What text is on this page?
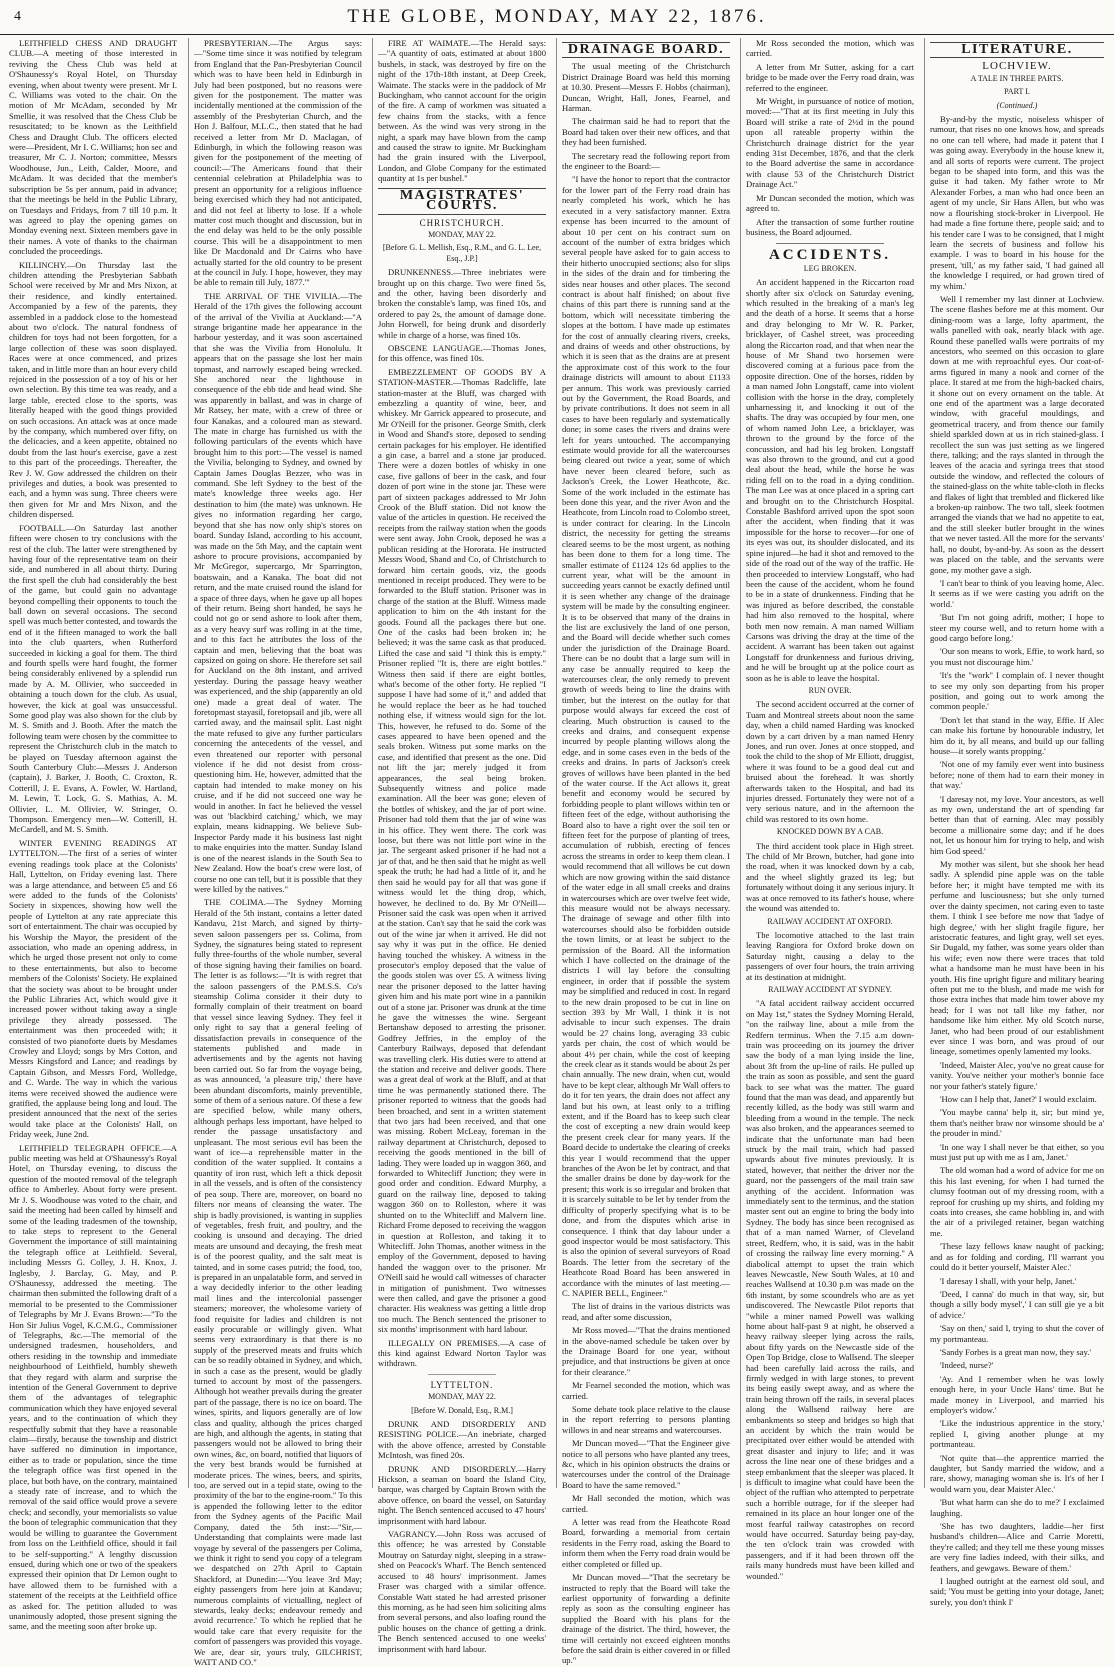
4	THE GLOBE, MONDAY, MAY 22, 1876.

LEITHFIELD CHESS AND DRAUGHT CLUB.—A meeting of those interested in reviving the Chess Club was held at O'Shaunessy's Royal Hotel, on Thursday evening, when about twenty were present. Mr I. C. Williams was voted to the chair. On the motion of Mr McAdam, seconded by Mr Smellie, it was resolved that the Chess Club be resuscitated; to be known as the Leithfield Chess and Draught Club. The officers elected were—President, Mr I. C. Williams; hon sec and treasurer, Mr C. J. Norton; committee, Messrs Woodhouse, Jun., Leith, Calder, Moore, and McAdam. It was decided that the member's subscription be 5s per annum, paid in advance; that the meetings be held in the Public Library, on Tuesdays and Fridays, from 7 till 10 p.m. It was agreed to play the opening games on Monday evening next. Sixteen members gave in their names. A vote of thanks to the chairman concluded the proceedings.

KILLINCHY.—On Thursday last the children attending the Presbyterian Sabbath School were received by Mr and Mrs Nixon, at their residence, and kindly entertained. Accompanied by a few of the parents, they assembled in a paddock close to the homestead about two o'clock. The natural fondness of children for toys had not been forgotten, for a large collection of these was soon displayed. Races were at once commenced, and prizes taken, and in little more than an hour every child rejoiced in the possession of a toy of his or her own selection. By this time tea was ready, and a large table, erected close to the sports, was literally heaped with the good things provided on such occasions. An attack was at once made by the company, which numbered over fifty, on the delicacies, and a keen appetite, obtained no doubt from the last hour's exercise, gave a zest to this part of the proceedings. Thereafter, the Rev J. W. Gow addressed the children on their privileges and duties, a book was presented to each, and a hymn was sung. Three cheers were then given for Mr and Mrs Nixon, and the children dispersed.

FOOTBALL.—On Saturday last another fifteen were chosen to try conclusions with the rest of the club. The latter were strengthened by having four of the representative team on their side, and numbered in all about thirty. During the first spell the club had considerably the best of the game, but could gain no advantage beyond compelling their opponents to touch the ball down on several occasions. The second spell was much better contested, and towards the end of it the fifteen managed to work the ball into the club quarters, when Rutherford succeeded in kicking a goal for them. The third and fourth spells were hard fought, the former being considerably enlivened by a splendid run made by A. M. Ollivier, who succeeded in obtaining a touch down for the club. As usual, however, the kick at goal was unsuccessful. Some good play was also shown for the club by M. S. Smith and J. Booth. After the match the following team were chosen by the committee to represent the Christchurch club in the match to be played on Tuesday afternoon against the South Canterbury Club:—Messrs J. Anderson (captain), J. Barker, J. Booth, C. Croxton, R. Cotterill, J. E. Evans, A. Fowler, W. Hartland, M. Lewin, T. Lock, G. S. Mathias, A. M. Ollivier, L. M. Ollivier, W. Stringer, O. Thompson. Emergency men—W. Cotterill, H. McCardell, and M. S. Smith.

WINTER EVENING READINGS AT LYTTELTON.—The first of a series of winter evening readings took place at the Colonists' Hall, Lyttelton, on Friday evening last. There was a large attendance, and between £5 and £6 were added to the funds of the Colonists' Society in sixpences, showing how well the people of Lyttelton at any rate appreciate this sort of entertainment. The chair was occupied by his Worship the Mayor, the president of the association, who made an opening address, in which he urged those present not only to come to these entertainments, but also to become members of the Colonists' Society. He explained that the society was about to be brought under the Public Libraries Act, which would give it increased power without taking away a single privilege they already possessed. The entertainment was then proceeded with; it consisted of two pianoforte duets by Mesdames Crowley and Lloyd; songs by Mrs Cotton, and Messrs Kingsford and Lance; and readings by Captain Gibson, and Messrs Ford, Wolledge, and C. Warde. The way in which the various items were received showed the audience were gratified, the applause being long and loud. The president announced that the next of the series would take place at the Colonists' Hall, on Friday week, June 2nd.

LEITHFIELD TELEGRAPH OFFICE.—A public meeting was held at O'Shaunessy's Royal Hotel, on Thursday evening, to discuss the question of the mooted removal of the telegraph office to Amberley. About forty were present. Mr J. S. Woodhouse was voted to the chair, and said the meeting had been called by himself and some of the leading tradesmen of the township, to take steps to represent to the General Government the importance of still maintaining the telegraph office at Leithfield. Several, including Messrs G. Colley, J. H. Knox, J. Inglesby, J. Barclay, G. May, and P. O'Shaunessy, addressed the meeting. The chairman then submitted the following draft of a memorial to be presented to the Commissioner of Telegraphs by Mr J. Evans Brown:—"To the Hon Sir Julius Vogel, K.C.M.G., Commissioner of Telegraphs, &c.—The memorial of the undersigned tradesmen, householders, and others residing in the township and immediate neighbourhood of Leithfield, humbly sheweth that they regard with alarm and surprise the intention of the General Government to deprive them of the advantages of telegraphic communication which they have enjoyed several years, and to the continuation of which they respectfully submit that they have a reasonable claim—firstly, because the township and district have suffered no diminution in importance, either as to trade or population, since the time the telegraph office was first opened in the place, but both have, on the contrary, maintained a steady rate of increase, and to which the removal of the said office would prove a severe check; and secondly, your memorialists so value the boon of telegraphic communication that they would be willing to guarantee the Government from loss on the Leithfield office, should it fail to be self-supporting." A lengthy discussion ensued, during which one or two of the speakers expressed their opinion that Dr Lemon ought to have allowed them to be furnished with a statement of the receipts at the Leithfield office as asked for. The petition alluded to was unanimously adopted, those present signing the same, and the meeting soon after broke up.

PRESBYTERIAN.—The Argus says:—"Some time since it was notified by telegram from England that the Pan-Presbyterian Council which was to have been held in Edinburgh in July had been postponed, but no reasons were given for the postponement. The matter was incidentally mentioned at the commission of the assembly of the Presbyterian Church, and the Hon J. Balfour, M.L.C., then stated that he had received a letter from Mr D. Maclagan, of Edinburgh, in which the following reason was given for the postponement of the meeting of council:—'The Americans found that their centennial celebration at Philadelphia was to present an opportunity for a religious influence being exercised which they had not anticipated, and did not feel at liberty to lose. If a whole matter cost much thought and discussion, but in the end delay was held to be the only possible course. This will be a disappointment to men like Dr Macdonald and Dr Cairns who have actually started for the old country to be present at the council in July. I hope, however, they may be able to remain till July, 1877.'"

THE ARRIVAL OF THE VIVILIA.—The Herald of the 17th gives the following account of the arrival of the Vivilia at Auckland:—"A strange brigantine made her appearance in the harbour yesterday, and it was soon ascertained that she was the Vivilia from Honolulu. It appears that on the passage she lost her main topmast, and narrowly escaped being wrecked. She anchored near the lighthouse in consequence of the ebb tide and head wind. She was apparently in ballast, and was in charge of Mr Ratsey, her mate, with a crew of three or four Kanakas, and a coloured man as steward. The mate in charge has furnished us with the following particulars of the events which have brought him to this port:—The vessel is named the Vivilia, belonging to Sydney, and owned by Captain James Douglas Bezzer, who was in command. She left Sydney to the best of the mate's knowledge three weeks ago. Her destination to him (the mate) was unknown. He gives no information regarding her cargo, beyond that she has now only ship's stores on board. Sunday Island, according to his account, was made on the 5th May, and the captain went ashore to procure provisions, accompanied by Mr McGregor, supercargo, Mr Sparrington, boatswain, and a Kanaka. The boat did not return, and the mate cruised round the island for a space of three days, when he gave up all hopes of their return. Being short handed, he says he could not go or send ashore to look after them, as a very heavy surf was rolling in at the time, and to this fact he attributes the loss of the captain and men, believing that the boat was capsized on going on shore. He therefore set sail for Auckland on the 8th instant, and arrived yesterday. During the passage heavy weather was experienced, and the ship (apparently an old one) made a great deal of water. The foretopmast stayasil, foretopsail and jib, were all carried away, and the mainsail split. Last night the mate refused to give any further particulars concerning the antecedents of the vessel, and even threatened our reporter with personal violence if he did not desist from cross-questioning him. He, however, admitted that the captain had intended to make money on his cruise, and if he did not succeed one way he would in another. In fact he believed the vessel was out 'blackbird catching,' which, we may explain, means kidnapping. We believe Sub-Inspector Pardy made it his business last night to make enquiries into the matter. Sunday Island is one of the nearest islands in the South Sea to New Zealand. How the boat's crew were lost, of course no one can tell, but it is possible that they were killed by the natives."

THE COLIMA.—The Sydney Morning Herald of the 5th instant, contains a letter dated Kandavu, 21st March, and signed by thirty-seven saloon passengers per ss. Colima, from Sydney, the signatures being stated to represent fully three-fourths of the whole number, several of those signing having their families on board. The letter is as follows:—"It is with regret that the saloon passengers of the P.M.S.S. Co's steamship Colima consider it their duty to formally complain of their treatment on board that vessel since leaving Sydney. They feel it only right to say that a general feeling of dissatisfaction prevails in consequence of the statements published and made in advertisements and by the agents not having been carried out. So far from the voyage being, as was announced, 'a pleasure trip,' there have been abundant discomforts, mainly preventible, some of them of a serious nature. Of these a few are specified below, while many others, although perhaps less important, have helped to render the passage unsatisfactory and unpleasant. The most serious evil has been the want of ice—a reprehensible matter in the condition of the water supplied. It contains a quantity of iron rust, which left a thick deposit in all the vessels, and is often of the consistency of pea soup. There are, moreover, on board no filters nor means of cleansing the water. The ship is badly provisioned, is wanting in supplies of vegetables, fresh fruit, and poultry, and the cooking is unsound and decaying. The dried meats are unsound and decaying, the fresh meat is of the poorest quality, and the salt meat is tainted, and in some cases putrid; the food, too, is prepared in an unpalatable form, and served in a way decidedly inferior to the other leading mail lines and the intercolonial passenger steamers; moreover, the wholesome variety of food requisite for ladies and children is not easily procurable or willingly given. What seems very extraordinary is that there is no supply of the preserved meats and fruits which can be so readily obtained in Sydney, and which, in such a case as the present, would be gladly turned to account by most of the passengers. Although hot weather prevails during the greater part of the passage, there is no ice on board. The wines, spirits, and liquors generally are of low class and quality, although the prices charged are high, and although the agents, in stating that passengers would not be allowed to bring their own wines, &c, on board, notified that liquors of the very best brands would be furnished at moderate prices. The wines, beers, and spirits, too, are served out in a tepid state, owing to the proximity of the bar to the engine-room." To this is appended the following letter to the editor from the Sydney agents of the Pacific Mail Company, dated the 5th inst:—"Sir,—Understanding that complaints were made last voyage by several of the passengers per Colima, we think it right to send you copy of a telegram we despatched on 27th April to Captain Shackford, at Dunedin:—'You leave 3rd May; eighty passengers from here join at Kandavu; numerous complaints of victualling, neglect of stewards, leaky decks; endeavour remedy and avoid recurrence.' To which he replied that he would take care that every requisite for the comfort of passengers was provided this voyage. We are, dear sir, yours truly, GILCHRIST, WATT AND CO."

FIRE AT WAIMATE.—The Herald says:—"A quantity of oats, estimated at about 1800 bushels, in stack, was destroyed by fire on the night of the 17th-18th instant, at Deep Creek, Waimate. The stacks were in the paddock of Mr Buckingham, who cannot account for the origin of the fire. A camp of workmen was situated a few chains from the stacks, with a fence between. As the wind was very strong in the night, a spark may have blown from the camp and caused the straw to ignite. Mr Buckingham had the grain insured with the Liverpool, London, and Globe Company for the estimated quantity at 1s per bushel."

MAGISTRATES' COURTS.
CHRISTCHURCH.
MONDAY, MAY 22.
[Before G. L. Mellish, Esq., R.M., and G. L. Lee, Esq., J.P.]

DRUNKENNESS.—Three inebriates were brought up on this charge. Two were fined 5s, and the other, having been disorderly and broken the constable's lamp, was fined 10s, and ordered to pay 2s, the amount of damage done. John Horwell, for being drunk and disorderly while in charge of a horse, was fined 10s.

OBSCENE LANGUAGE.—Thomas Jones, for this offence, was fined 10s.

EMBEZZLEMENT OF GOODS BY A STATION-MASTER.—Thomas Radcliffe, late station-master at the Bluff, was charged with embezzling a quantity of wine, beer, and whiskey. Mr Garrick appeared to prosecute, and Mr O'Neill for the prisoner. George Smith, clerk in Wood and Shand's store, deposed to sending certain packages for his employer. He identified a gin case, a barrel and a stone jar produced. There were a dozen bottles of whisky in one case, five gallons of beer in the cask, and four dozen of port wine in the stone jar. These were part of sixteen packages addressed to Mr John Crook of the Bluff station. Did not know the value of the articles in question. He received the receipts from the railway station when the goods were sent away. John Crook, deposed he was a publican residing at the Hororata. He instructed Messrs Wood, Shand and Co, of Christchurch to forward him certain goods, viz, the goods mentioned in receipt produced. They were to be forwarded to the Bluff station. Prisoner was in charge of the station at the Bluff. Witness made application to him on the 4th instant for the goods. Found all the packages there but one. One of the casks had been broken in; he believed; it was the same cask as that produced. Lifted the case and said "I think this is empty." Prisoner replied "It is, there are eight bottles." Witness then said if there are eight bottles, what's become of the other forty. He replied "I suppose I have had some of it," and added that he would replace the beer as he had touched nothing else, if witness would sign for the lot. This, however, he refused to do. Some of the cases appeared to have been opened and the seals broken. Witness put some marks on the case, and identified that present as the one. Did not lift the jar; merely judged it from appearances, the seal being broken. Subsequently witness and police made examination. All the beer was gone; eleven of the bottles of whiskey, and the jar of port wine. Prisoner had told them that the jar of wine was in his office. They went there. The cork was loose, but there was not little port wine in the jar. The sergeant asked prisoner if he had not a jar of that, and he then said that he might as well speak the truth; he had had a little of it, and he then said he would pay for all that was gone if witness would let the thing drop, which, however, he declined to do. By Mr O'Neill—Prisoner said the cask was open when it arrived at the station. Can't say that he said the cork was out of the wine jar when it arrived. He did not say why it was put in the office. He denied having touched the whiskey. A witness in the prosecutor's employ deposed that the value of the goods stolen was over £5. A witness living near the prisoner deposed to the latter having given him and his mate port wine in a pannikin out of a stone jar. Prisoner was drunk at the time he gave the witnesses the wine. Sergeant Bertanshaw deposed to arresting the prisoner. Godfrey Jeffries, in the employ of the Canterbury Railways, deposed that defendant was travelling clerk. His duties were to attend at the station and receive and deliver goods. There was a great deal of work at the Bluff, and at that time he was permanently stationed there. The prisoner reported to witness that the goods had been broached, and sent in a written statement that two jars had been received, and that one was missing. Robert McLeay, foreman in the railway department at Christchurch, deposed to receiving the goods mentioned in the bill of lading. They were loaded up in waggon 360, and forwarded to Whitecliff Junction; they were in good order and condition. Edward Murphy, a guard on the railway line, deposed to taking waggon 360 on to Rolleston, where it was shunted on to the Whitecliff and Malvern line. Richard Frome deposed to receiving the waggon in question at Rolleston, and taking it to Whitecliff. John Thomas, another witness in the employ of the Government, deposed to having handed the waggon over to the prisoner. Mr O'Neill said he would call witnesses of character in mitigation of punishment. Two witnesses were then called, and gave the prisoner a good character. His weakness was getting a little drop too much. The Bench sentenced the prisoner to six months' imprisonment with hard labour.

ILLEGALLY ON PREMISES.—A case of this kind against Edward Norton Taylor was withdrawn.

LYTTELTON.
MONDAY, MAY 22.
[Before W. Donald, Esq., R.M.]

DRUNK AND DISORDERLY AND RESISTING POLICE.—An inebriate, charged with the above offence, arrested by Constable McIntosh, was fined 20s.

DRUNK AND DISORDERLY.—Harry Hickson, a seaman on board the Island City, barque, was charged by Captain Brown with the above offence, on board the vessel, on Saturday night. The Bench sentenced accused to 47 hours' imprisonment with hard labour.

VAGRANCY.—John Ross was accused of this offence; he was arrested by Constable Moutray on Saturday night, sleeping in a straw-shed on Peacock's Wharf. The Bench sentenced accused to 48 hours' imprisonment. James Fraser was charged with a similar offence. Constable Watt stated he had arrested prisoner this morning, as he had seen him soliciting alms from several persons, and also loafing round the public houses on the chance of getting a drink. The Bench sentenced accused to one weeks' imprisonment with hard labour.

DRAINAGE BOARD.

The usual meeting of the Christchurch District Drainage Board was held this morning at 10.30. Present—Messrs F. Hobbs (chairman), Duncan, Wright, Hall, Jones, Fearnel, and Harman.

The chairman said he had to report that the Board had taken over their new offices, and that they had been furnished.

The secretary read the following report from the engineer to the Board:—

"I have the honor to report that the contractor for the lower part of the Ferry road drain has nearly completed his work, which he has executed in a very satisfactory manner. Extra expense has been incurred to the amount of about 10 per cent on his contract sum on account of the number of extra bridges which several people have asked for to gain access to their hitherto unoccupied sections; also for slips in the sides of the drain and for timbering the sides near houses and other places. The second contract is about half finished; on about five chains of this part there is running sand at the bottom, which will necessitate timbering the slopes at the bottom. I have made up estimates for the cost of annually clearing rivers, creeks, and drains of weeds and other obstructions, by which it is seen that as the drains are at present the approximate cost of this work to the four drainage districts will amount to about £1133 per annum. This work was previously carried out by the Government, the Road Boards, and by private contributions. It does not seem in all cases to have been regularly and systematically done; in some cases the rivers and drains were left for years untouched. The accompanying estimate would provide for all the watercourses being cleared out twice a year, some of which have never been cleared before, such as Jackson's Creek, the Lower Heathcote, &c. Some of the work included in the estimate has been done this year, and the river Avon and the Heathcote, from Lincoln road to Colombo street, is under contract for clearing. In the Lincoln district, the necessity for getting the streams cleared seems to be the most urgent, as nothing has been done to them for a long time. The smaller estimate of £1124 12s 6d applies to the current year, what will be the amount in succeeding years cannot be exactly defined until it is seen whether any change of the drainage system will be made by the consulting engineer. It is to be observed that many of the drains in the list are exclusively the land of one person, and the Board will decide whether such comes under the jurisdiction of the Drainage Board. There can be no doubt that a large sum will in any case be annually required to keep the watercourses clear, the only remedy to prevent growth of weeds being to line the drains with timber, but the interest on the outlay for that purpose would always far exceed the cost of clearing. Much obstruction is caused to the creeks and drains, and consequent expense incurred by people planting willows along the edge, and in some cases even in the beds of the creeks and drains. In parts of Jackson's creek groves of willows have been planted in the bed of the water course. If the Act allows it, great benefit and economy would be secured by forbidding people to plant willows within ten or fifteen feet of the edge, without authorising the Board also to have a right over the soil ten or fifteen feet for the purpose of planting of trees, accumulation of rubbish, erecting of fences across the streams in order to keep them clean. I would recommend that all willows be cut down which are now growing within the said distance of the water edge in all small creeks and drains in watercourses which are over twelve feet wide, this measure would not be always necessary. The drainage of sewage and other filth into watercourses should also be forbidden outside the town limits, or at least be subject to the permission of the Board. All the information which I have collected on the drainage of the districts I will lay before the consulting engineer, in order that if possible the system may be simplified and reduced in cost. In regard to the new drain proposed to be cut in line on section 393 by Mr Wall, I think it is not advisable to incur such expenses. The drain would be 27 chains long, averaging 33 cubic yards per chain, the cost of which would be about 4½ per chain, while the cost of keeping the creek clear as it stands would be about 2s per chain annually. The new drain, when cut, would have to be kept clear, although Mr Wall offers to do it for ten years, the drain does not affect any land but his own, at least only to a trifling extent, and if the Board has to keep such clear the cost of excepting a new drain would keep the present creek clear for many years. If the Board decide to undertake the clearing of creeks this year I would recommend that the upper branches of the Avon be let by contract, and that the smaller drains be done by day-work for the present; this work is so irregular and broken that it is scarcely suitable to be let by tender from the difficulty of properly specifying what is to be done, and from the disputes which arise in consequence. I think that day labour under a good inspector would be most satisfactory. This is also the opinion of several surveyors of Road Boards. The letter from the secretary of the Heathcote Road Board has been answered in accordance with the minutes of last meeting.—C. NAPIER BELL, Engineer."

The list of drains in the various districts was read, and after some discussion,

Mr Ross moved—"That the drains mentioned in the above-named schedule be taken over by the Drainage Board for one year, without prejudice, and that instructions be given at once for their clearance."

Mr Fearnel seconded the motion, which was carried.

Some debate took place relative to the clause in the report referring to persons planting willows in and near streams and watercourses.

Mr Duncan moved—"That the Engineer give notice to all persons who have planted any trees, &c, which in his opinion obstructs the drains or watercourses under the control of the Drainage Board to have the same removed."

Mr Hall seconded the motion, which was carried.

A letter was read from the Heathcote Road Board, forwarding a memorial from certain residents in the Ferry road, asking the Board to inform them when the Ferry road drain would be either completed or filled up.

Mr Duncan moved—"That the secretary be instructed to reply that the Board will take the earliest opportunity of forwarding a definite reply as soon as the consulting engineer has supplied the Board with his plans for the drainage of the district. The third, however, the time will certainly not exceed eighteen months before the said drain is either covered in or filled up."

Mr Ross seconded the motion, which was carried.

A letter from Mr Sutter, asking for a cart bridge to be made over the Ferry road drain, was referred to the engineer.

Mr Wright, in pursuance of notice of motion, moved:—"That at its first meeting in July this Board will strike a rate of 2½d in the pound upon all rateable property within the Christchurch drainage district for the year ending 31st December, 1876, and that the clerk to the Board advertise the same in accordance with clause 53 of the Christchurch District Drainage Act."

Mr Duncan seconded the motion, which was agreed to.

After the transaction of some further routine business, the Board adjourned.

ACCIDENTS.
LEG BROKEN.

An accident happened in the Riccarton road shortly after six o'clock on Saturday evening, which resulted in the breaking of a man's leg and the death of a horse. It seems that a horse and dray belonging to Mr W. R. Parker, bricklayer, of Cashel street, was proceeding along the Riccarton road, and that when near the house of Mr Shand two horsemen were discovered coming at a furious pace from the opposite direction. One of the horses, ridden by a man named John Longstaff, came into violent collision with the horse in the dray, completely unharnessing it, and knocking it out of the shafts. The dray was occupied by four men, one of whom named John Lee, a bricklayer, was thrown to the ground by the force of the concussion, and had his leg broken. Longstaff was also thrown to the ground, and cut a good deal about the head, while the horse he was riding fell on to the road in a dying condition. The man Lee was at once placed in a spring cart and brought on to the Christchurch Hospital. Constable Bashford arrived upon the spot soon after the accident, when finding that it was impossible for the horse to recover—for one of its eyes was out, its shoulder dislocated, and its spine injured—he had it shot and removed to the side of the road out of the way of the traffic. He then proceeded to interview Longstaff, who had been the cause of the accident, whom he found to be in a state of drunkenness. Finding that he was injured as before described, the constable had him also removed to the hospital, where both men now remain. A man named William Carsons was driving the dray at the time of the accident. A warrant has been taken out against Longstaff for drunkenness and furious driving, and he will be brought up at the police court as soon as he is able to leave the hospital.

RUN OVER.

The second accident occurred at the corner of Tuam and Montreal streets about noon the same day, when a child named Harding was knocked down by a cart driven by a man named Henry Jones, and run over. Jones at once stopped, and took the child to the shop of Mr Elliott, druggist, where it was found to be a good deal cut and bruised about the forehead. It was shortly afterwards taken to the Hospital, and had its injuries dressed. Fortunately they were not of a very serious nature, and in the afternoon the child was restored to its own home.

KNOCKED DOWN BY A CAB.

The third accident took place in High street. The child of Mr Brown, butcher, had gone into the road, when it was knocked down by a cab, and the wheel slightly grazed its leg; but fortunately without doing it any serious injury. It was at once removed to its father's house, where the wound was attended to.

RAILWAY ACCIDENT AT OXFORD.

The locomotive attached to the last train leaving Rangiora for Oxford broke down on Saturday night, causing a delay to the passengers of over four hours, the train arriving at its destination at midnight.

RAILWAY ACCIDENT AT SYDNEY.

"A fatal accident railway accident occurred on May 1st," states the Sydney Morning Herald, "on the railway line, about a mile from the Redfern terminus. When the 7.15 a.m down-train was proceeding on its journey the driver saw the body of a man lying inside the line, about 3ft from the up-line of rails. He pulled up the train as soon as possible, and sent the guard back to see what was the matter. The guard found that the man was dead, and apparently but recently killed, as the body was still warm and bleeding from a wound in the temple. The neck was also broken, and the appearances seemed to indicate that the unfortunate man had been struck by the mail train, which had passed upwards about five minutes previously. It is stated, however, that neither the driver nor the guard, nor the passengers of the mail train saw anything of the accident. Information was immediately sent to the terminus, and the station master sent out an engine to bring the body into Sydney. The body has since been recognised as that of a man named Warner, of Cleveland street, Redfern, who, it is said, was in the habit of crossing the railway line every morning." A diabolical attempt to upset the train which leaves Newcastle, New South Wales, at 10 and reaches Wallsend at 10.30 p.m was made on the 6th instant, by some scoundrels who are as yet undiscovered. The Newcastle Pilot reports that "while a miner named Powell was walking home about half-past 9 at night, he observed a heavy railway sleeper lying across the rails, about fifty yards on the Newcastle side of the Open Top Bridge, close to Wallsend. The sleeper had been carefully laid across the rails, and firmly wedged in with large stones, to prevent its being easily swept away, and as where the train being thrown off the rails, in several places along the Wallsend railway here are embankments so steep and bridges so high that an accident by which the train would be precipitated over either would be attended with great disaster and injury to life; and it was across the line near one of these bridges and a steep embankment that the sleeper was placed. It is difficult to imagine what could have been the object of the ruffian who attempted to perpetrate such a horrible outrage, for if the sleeper had remained in its place an hour longer one of the most fearful railway catastrophes on record would have occurred. Saturday being pay-day, the ten o'clock train was crowded with passengers, and if it had been thrown off the rails many hundreds must have been killed and wounded."

LITERATURE.
LOCHVIEW.
A TALE IN THREE PARTS.
PART I.
(Continued.)

By-and-by the mystic, noiseless whisper of rumour, that rises no one knows how, and spreads no one can tell where, had made it patent that I was going away. Everybody in the house knew it, and all sorts of reports were current. The project began to be shaped into form, and this was the guise it had taken. My father wrote to Mr Alexander Forbes, a man who had once been an agent of my uncle, Sir Hans Allen, but who was now a flourishing stock-broker in Liverpool. He had made a fine fortune there, people said; and to his tender care I was to be consigned, that I might learn the secrets of business and follow his example. I was to board in his house for the present, 'till,' as my father said, 'I had gained all the knowledge I required, or had grown tired of my whim.'

Well I remember my last dinner at Lochview. The scene flashes before me at this moment. Our dining-room was a large, lofty apartment, the walls panelled with oak, nearly black with age. Round these panelled walls were portraits of my ancestors, who seemed on this occasion to glare down at me with reproachful eyes. Our coat-of-arms figured in many a nook and corner of the place. It stared at me from the high-backed chairs, it shone out on every ornament on the table. At one end of the apartment was a large decorated window, with graceful mouldings, and geometrical tracery, and from thence our family shield sparkled down at us in rich stained-glass. I recollect the sun was just setting as we lingered there, talking; and the rays slanted in through the leaves of the acacia and syringa trees that stood outside the window, and reflected the colours of the stained-glass on the white table-cloth in flecks and flakes of light that trembled and flickered like a broken-up rainbow. The two tall, sleek footmen arranged the viands that we had no appetite to eat, and the still sleeker butler brought in the wines that we never tasted. All the more for the servants' hall, no doubt, by-and-by. As soon as the dessert was placed on the table, and the servants were gone, my mother gave a sigh.

'I can't bear to think of you leaving home, Alec. It seems as if we were casting you adrift on the world.'

'But I'm not going adrift, mother; I hope to steer my course well, and to return home with a good cargo before long.'

'Our son means to work, Effie, to work hard, so you must not discourage him.'

'It's the "work" I complain of. I never thought to see my only son departing from his proper position, and going out to work among the common people.'

'Don't let that stand in the way, Effie. If Alec can make his fortune by honourable industry, let him do it, by all means, and build up our falling house—it sorely wants propping.'

'Not one of my family ever went into business before; none of them had to earn their money in that way.'

'I daresay not, my love. Your ancestors, as well as my own, understand the art of spending far better than that of earning. Alec may possibly become a millionaire some day; and if he does not, let us honour him for trying to help, and wish him God speed.'

My mother was silent, but she shook her head sadly. A splendid pine apple was on the table before her; it might have tempted me with its perfume and lusciousness; but she only turned over the dainty specimen, not caring even to taste them. I think I see before me now that 'ladye of high degree,' with her slight fragile figure, her aristocratic features, and light gray, well set eyes. Sir Dugald, my father, was some years older than his wife; even now there were traces that told what a handsome man he must have been in his youth. His fine upright figure and military bearing often put me to the blush, and made me wish for those extra inches that made him tower above my head; for I was not tall like my father, nor handsome like him either. My old Scotch nurse, Janet, who had been proud of our establishment ever since I was born, and was proud of our lineage, sometimes openly lamented my looks.

'Indeed, Maister Alec, you've no great cause for vanity. You've neither your mother's bonnie face nor your father's stately figure.'

'How can I help that, Janet?' I would exclaim.

'You maybe canna' help it, sir; but mind ye, them that's neither braw nor winsome should be a' the prouder in mind.'

'In one way I shall never be that either, so you must just put up with me as I am, Janet.'

The old woman had a word of advice for me on this his last evening, for when I had turned the clumsy footman out of my dressing room, with a reproof for crushing up my shirts, and folding my coats into creases, she came hobbling in, and with the air of a privileged retainer, began watching me.

'These lazy fellows knaw naught of packing; and as for folding and cording, I'll warrant you could do it better yourself, Maister Alec.'

'I daresay I shall, with your help, Janet.'

'Deed, I canna' do much in that way, sir, but though a silly body mysel',' I can still gie ye a bit of advice.'

'Say on then,' said I, trying to shut the cover of my portmanteau.

'Sandy Forbes is a great man now, they say.'

'Indeed, nurse?'

'Ay. And I remember when he was lowly enough here, in your Uncle Hans' time. But he made money in Liverpool, and married his employer's widow.'

'Like the industrious apprentice in the story,' replied I, giving another plunge at my portmanteau.

'Not quite that—the apprentice married the daughter, but Sandy married the widow, and a rare, showy, managing woman she is. It's of her I would warn you, dear Maister Alec.'

'But what harm can she do to me?' I exclaimed laughing.

'She has two daughters, laddie—her first husband's children—Alice and Carrie Moretti, they're called; and they tell me these young misses are very fine ladies indeed, with their silks, and feathers, and gewgaws. Beware of them.'

I laughed outright at the earnest old soul, and said; 'You must be getting into your dotage, Janet; surely, you don't think I'
